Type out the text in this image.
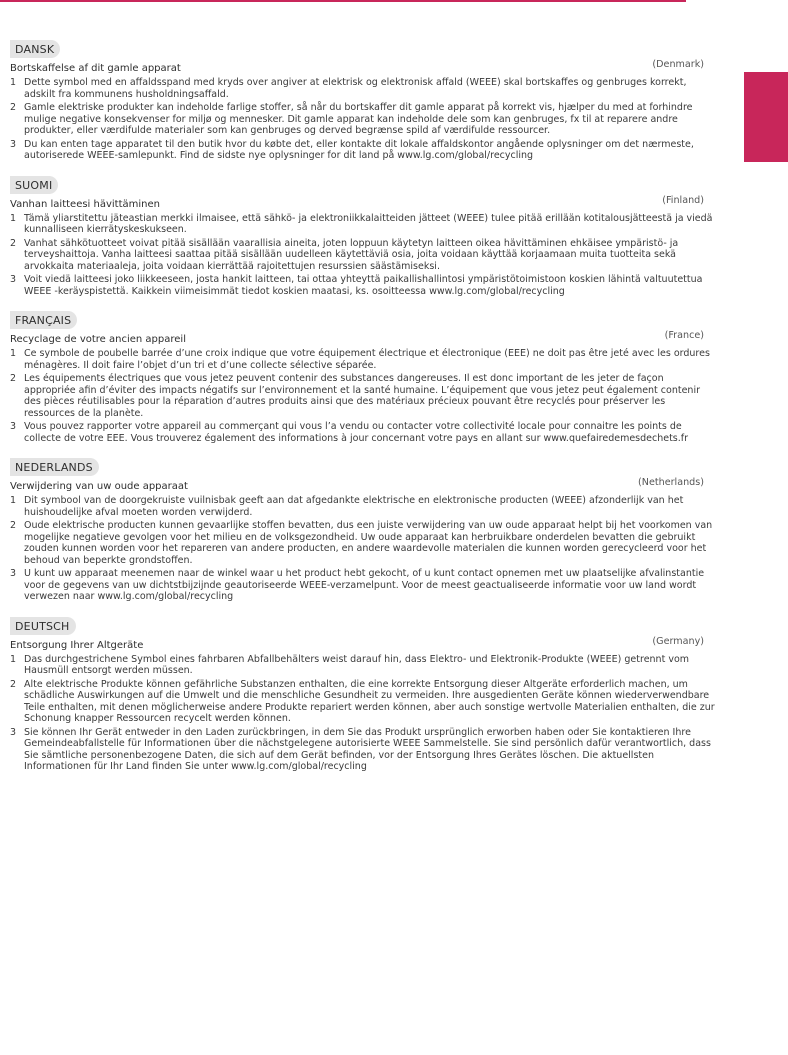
DANSK
(Denmark)
Bortskaffelse af dit gamle apparat
1 Dette symbol med en affaldsspand med kryds over angiver at elektrisk og elektronisk affald (WEEE) skal bortskaffes og genbruges korrekt, adskilt fra kommunens husholdningsaffald.
2 Gamle elektriske produkter kan indeholde farlige stoffer, så når du bortskaffer dit gamle apparat på korrekt vis, hjælper du med at forhindre mulige negative konsekvenser for miljø og mennesker. Dit gamle apparat kan indeholde dele som kan genbruges, fx til at reparere andre produkter, eller værdifulde materialer som kan genbruges og derved begrænse spild af værdifulde ressourcer.
3 Du kan enten tage apparatet til den butik hvor du købte det, eller kontakte dit lokale affaldskontor angående oplysninger om det nærmeste, autoriserede WEEE-samlepunkt. Find de sidste nye oplysninger for dit land på www.lg.com/global/recycling
SUOMI
(Finland)
Vanhan laitteesi hävittäminen
1 Tämä yliarstitettu jäteastian merkki ilmaisee, että sähkö- ja elektroniikkalaitteiden jätteet (WEEE) tulee pitää erillään kotitalousjätteestä ja viedä kunnalliseen kierrätyskeskukseen.
2 Vanhat sähkötuotteet voivat pitää sisällään vaarallisia aineita, joten loppuun käytetyn laitteen oikea hävittäminen ehkäisee ympäristö- ja terveyshaittoja. Vanha laitteesi saattaa pitää sisällään uudelleen käytettäviä osia, joita voidaan käyttää korjaamaan muita tuotteita sekä arvokkaita materiaaleja, joita voidaan kierrättää rajoitettujen resurssien säästämiseksi.
3 Voit viedä laitteesi joko liikkeeseen, josta hankit laitteen, tai ottaa yhteyttä paikallishallintosi ympäristötoimistoon koskien lähintä valtuutettua WEEE -keräyspistettä. Kaikkein viimeisimmät tiedot koskien maatasi, ks. osoitteessa www.lg.com/global/recycling
FRANÇAIS
(France)
Recyclage de votre ancien appareil
1 Ce symbole de poubelle barrée d’une croix indique que votre équipement électrique et électronique (EEE) ne doit pas être jeté avec les ordures ménagères. Il doit faire l’objet d’un tri et d’une collecte sélective séparée.
2 Les équipements électriques que vous jetez peuvent contenir des substances dangereuses. Il est donc important de les jeter de façon appropriée afin d’éviter des impacts négatifs sur l’environnement et la santé humaine. L’équipement que vous jetez peut également contenir des pièces réutilisables pour la réparation d’autres produits ainsi que des matériaux précieux pouvant être recyclés pour préserver les ressources de la planète.
3 Vous pouvez rapporter votre appareil au commerçant qui vous l’a vendu ou contacter votre collectivité locale pour connaitre les points de collecte de votre EEE. Vous trouverez également des informations à jour concernant votre pays en allant sur www.quefairedemesdechets.fr
NEDERLANDS
(Netherlands)
Verwijdering van uw oude apparaat
1 Dit symbool van de doorgekruiste vuilnisbak geeft aan dat afgedankte elektrische en elektronische producten (WEEE) afzonderlijk van het huishoudelijke afval moeten worden verwijderd.
2 Oude elektrische producten kunnen gevaarlijke stoffen bevatten, dus een juiste verwijdering van uw oude apparaat helpt bij het voorkomen van mogelijke negatieve gevolgen voor het milieu en de volksgezondheid. Uw oude apparaat kan herbruikbare onderdelen bevatten die gebruikt zouden kunnen worden voor het repareren van andere producten, en andere waardevolle materialen die kunnen worden gerecycleerd voor het behoud van beperkte grondstoffen.
3 U kunt uw apparaat meenemen naar de winkel waar u het product hebt gekocht, of u kunt contact opnemen met uw plaatselijke afvalinstantie voor de gegevens van uw dichtstbijzijnde geautoriseerde WEEE-verzamelpunt. Voor de meest geactualiseerde informatie voor uw land wordt verwezen naar www.lg.com/global/recycling
DEUTSCH
(Germany)
Entsorgung Ihrer Altgeräte
1 Das durchgestrichene Symbol eines fahrbaren Abfallbehälters weist darauf hin, dass Elektro- und Elektronik-Produkte (WEEE) getrennt vom Hausmüll entsorgt werden müssen.
2 Alte elektrische Produkte können gefährliche Substanzen enthalten, die eine korrekte Entsorgung dieser Altgeräte erforderlich machen, um schädliche Auswirkungen auf die Umwelt und die menschliche Gesundheit zu vermeiden. Ihre ausgedienten Geräte können wiederverwendbare Teile enthalten, mit denen möglicherweise andere Produkte repariert werden können, aber auch sonstige wertvolle Materialien enthalten, die zur Schonung knapper Ressourcen recycelt werden können.
3 Sie können Ihr Gerät entweder in den Laden zurückbringen, in dem Sie das Produkt ursprünglich erworben haben oder Sie kontaktieren Ihre Gemeindeabfallstelle für Informationen über die nächstgelegene autorisierte WEEE Sammelstelle. Sie sind persönlich dafür verantwortlich, dass Sie sämtliche personenbezogene Daten, die sich auf dem Gerät befinden, vor der Entsorgung Ihres Gerätes löschen. Die aktuellsten Informationen für Ihr Land finden Sie unter www.lg.com/global/recycling
